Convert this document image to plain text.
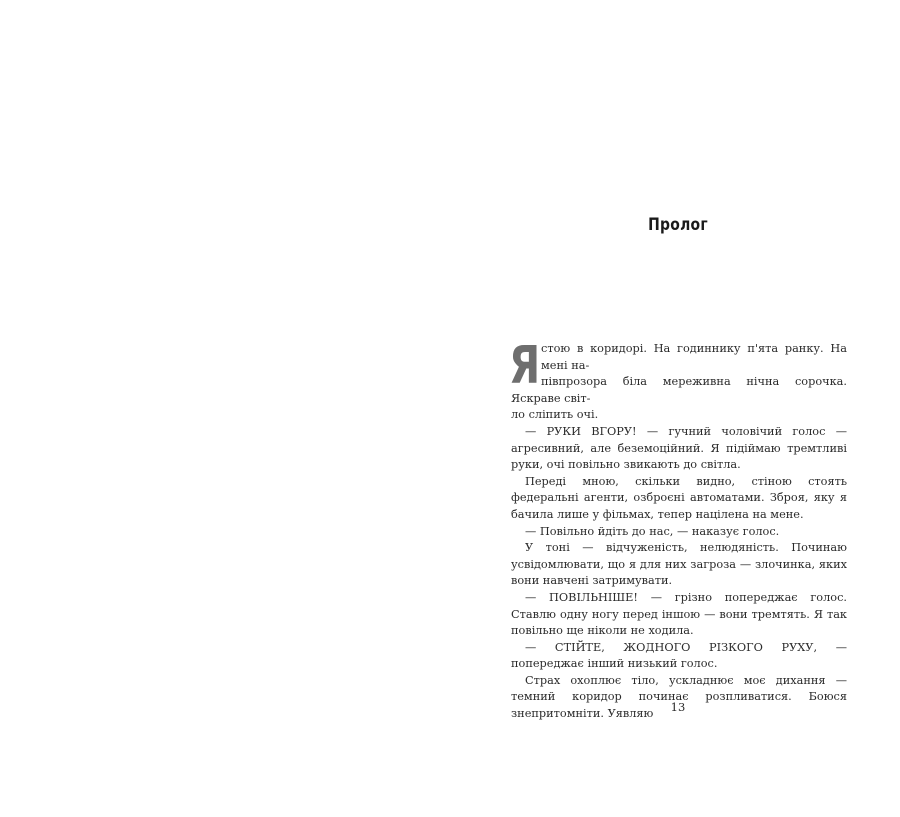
Пролог

Я стою в коридорі. На годиннику п'ята ранку. На мені на-
півпрозора біла мереживна нічна сорочка. Яскраве світ-
ло сліпить очі.

— РУКИ ВГОРУ! — гучний чоловічий голос — агресивний, але беземоційний. Я підіймаю тремтливі руки, очі повільно звикають до світла.

Переді мною, скільки видно, стіною стоять федеральні агенти, озброєні автоматами. Зброя, яку я бачила лише у фільмах, тепер націлена на мене.

— Повільно йдіть до нас, — наказує голос.

У тоні — відчуженість, нелюдяність. Починаю усвідомлювати, що я для них загроза — злочинка, яких вони навчені затримувати.

— ПОВІЛЬНІШЕ! — грізно попереджає голос. Ставлю одну ногу перед іншою — вони тремтять. Я так повільно ще ніколи не ходила.

— СТІЙТЕ, ЖОДНОГО РІЗКОГО РУХУ, — попереджає інший низький голос.

Страх охоплює тіло, ускладнює моє дихання — темний коридор починає розпливатися. Боюся знепритомніти. Уявляю	13
